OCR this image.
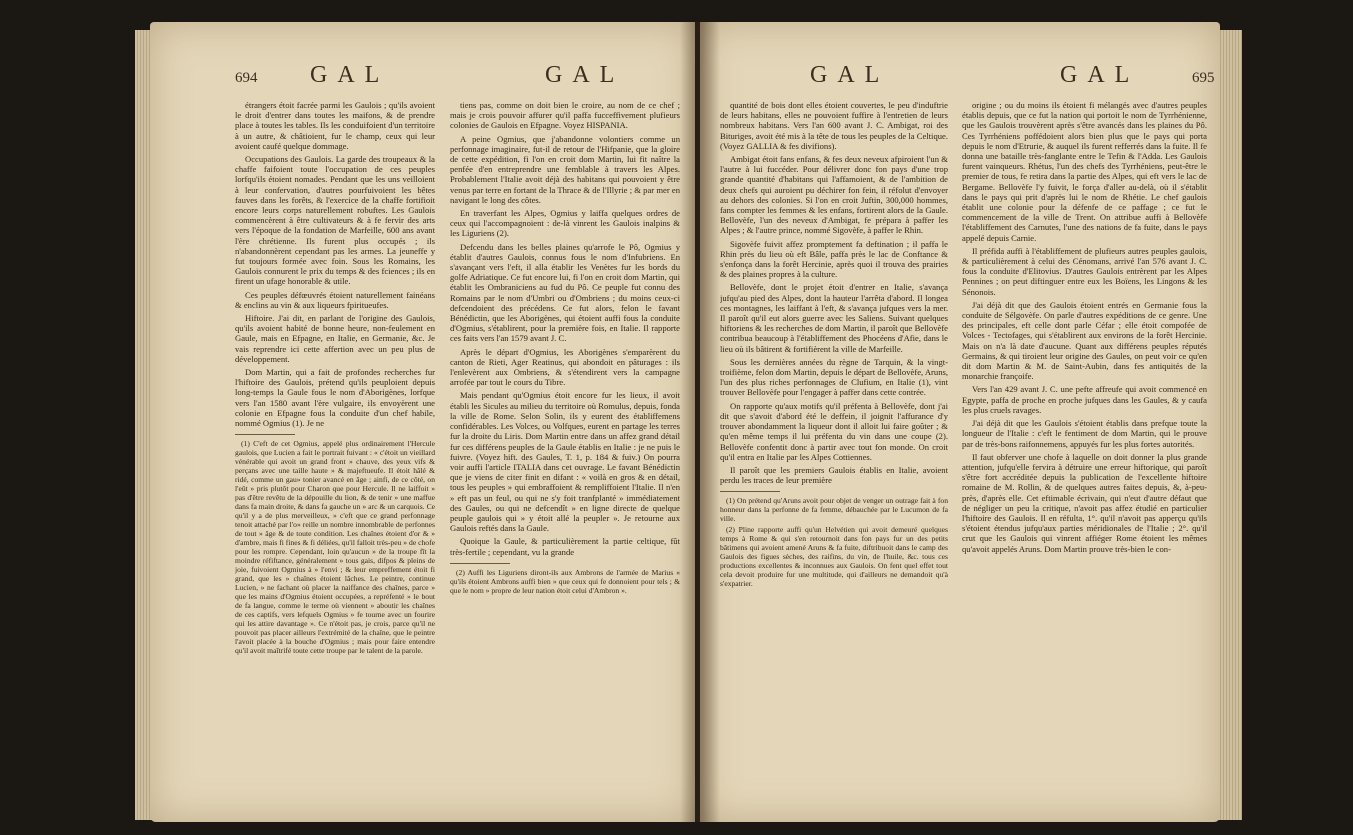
694 GAL	GAL

étrangers étoit facrée parmi les Gaulois ; qu'ils avoient le droit d'entrer dans toutes les maifons, & de prendre place à toutes les tables. Ils les conduifoient d'un territoire à un autre, & châtioient, fur le champ, ceux qui leur avoient caufé quelque dommage.

Occupations des Gaulois. La garde des troupeaux & la chaffe faifoient toute l'occupation de ces peuples lorfqu'ils étoient nomades. Pendant que les uns veilloient à leur confervation, d'autres pourfuivoient les bêtes fauves dans les forêts, & l'exercice de la chaffe fortifioit encore leurs corps naturellement robuftes. Les Gaulois commencèrent à être cultivateurs & à fe fervir des arts vers l'époque de la fondation de Marfeille, 600 ans avant l'ère chrétienne. Ils furent plus occupés ; ils n'abandonnèrent cependant pas les armes. La jeuneffe y fut toujours formée avec foin. Sous les Romains, les Gaulois connurent le prix du temps & des fciences ; ils en firent un ufage honorable & utile.

Ces peuples défœuvrés étoient naturellement fainéans & enclins au vin & aux liqueurs fpiritueufes.

Hiftoire. J'ai dit, en parlant de l'origine des Gaulois, qu'ils avoient habité de bonne heure, non-feulement en Gaule, mais en Efpagne, en Italie, en Germanie, &c. Je vais reprendre ici cette affertion avec un peu plus de développement.

Dom Martin, qui a fait de profondes recherches fur l'hiftoire des Gaulois, prétend qu'ils peuploient depuis long-temps la Gaule fous le nom d'Aborigènes, lorfque vers l'an 1580 avant l'ère vulgaire, ils envoyèrent une colonie en Efpagne fous la conduite d'un chef habile, nommé Ogmius (1). Je ne

(1) C'eft de cet Ogmius, appelé plus ordinairement l'Hercule gaulois, que Lucien a fait le portrait fuivant : « c'étoit un vieillard vénérable qui avoit un grand front » chauve, des yeux vifs & perçans avec une taille haute » & majeftueufe. Il étoit hâlé & ridé, comme un gau» tonier avancé en âge ; ainfi, de ce côté, on l'eût » pris plutôt pour Charon que pour Hercule. Il ne laiffoit » pas d'être revêtu de la dépouille du lion, & de tenir » une maffue dans fa main droite, & dans fa gauche un » arc & un carquois. Ce qu'il y a de plus merveilleux, » c'eft que ce grand perfonnage tenoit attaché par l'o» reille un nombre innombrable de perfonnes de tout » âge & de toute condition. Les chaînes étoient d'or & » d'ambre, mais fi fines & fi déliées, qu'il falloit très-peu » de chofe pour les rompre. Cependant, loin qu'aucun » de la troupe fît la moindre réfiftance, généralement » tous gais, difpos & pleins de joie, fuivoient Ogmius à » l'envi ; & leur empreffement étoit fi grand, que les » chaînes étoient lâches. Le peintre, continue Lucien, » ne fachant où placer la naiffance des chaînes, parce » que les mains d'Ogmius étoient occupées, a repréfenté » le bout de fa langue, comme le terme où viennent » aboutir les chaînes de ces captifs, vers lefquels Ogmius » fe tourne avec un fourire qui les attire davantage ». Ce n'étoit pas, je crois, parce qu'il ne pouvoit pas placer ailleurs l'extrémité de la chaîne, que le peintre l'avoit placée à la bouche d'Ogmius ; mais pour faire entendre qu'il avoit maîtrifé toute cette troupe par le talent de la parole.

tiens pas, comme on doit bien le croire, au nom de ce chef ; mais je crois pouvoir affurer qu'il paffa fucceffivement plufieurs colonies de Gaulois en Efpagne. Voyez HISPANIA.

A peine Ogmius, que j'abandonne volontiers comme un perfonnage imaginaire, fut-il de retour de l'Hifpanie, que la gloire de cette expédition, fi l'on en croit dom Martin, lui fit naître la penfée d'en entreprendre une femblable à travers les Alpes. Probablement l'Italie avoit déjà des habitans qui pouvoient y être venus par terre en fortant de la Thrace & de l'Illyrie ; & par mer en navigant le long des côtes.

En traverfant les Alpes, Ogmius y laiffa quelques ordres de ceux qui l'accompagnoient : de-là vinrent les Gaulois inalpins & les Liguriens (2).

Defcendu dans les belles plaines qu'arrofe le Pô, Ogmius y établit d'autres Gaulois, connus fous le nom d'Infubriens. En s'avançant vers l'eft, il alla établir les Venètes fur les bords du golfe Adriatique. Ce fut encore lui, fi l'on en croit dom Martin, qui établit les Ombraniciens au fud du Pô. Ce peuple fut connu des Romains par le nom d'Umbri ou d'Ombriens ; du moins ceux-ci defcendoient des précédens. Ce fut alors, felon le favant Bénédictin, que les Aborigènes, qui étoient auffi fous la conduite d'Ogmius, s'établirent, pour la première fois, en Italie. Il rapporte ces faits vers l'an 1579 avant J. C.

Après le départ d'Ogmius, les Aborigènes s'emparèrent du canton de Rieti, Ager Reatinus, qui abondoit en pâturages : ils l'enlevèrent aux Ombriens, & s'étendirent vers la campagne arrofée par tout le cours du Tibre.

Mais pendant qu'Ogmius étoit encore fur les lieux, il avoit établi les Sicules au milieu du territoire où Romulus, depuis, fonda la ville de Rome. Selon Solin, ils y eurent des établiffemens confidérables. Les Volces, ou Volfques, eurent en partage les terres fur la droite du Liris. Dom Martin entre dans un affez grand détail fur ces différens peuples de la Gaule établis en Italie : je ne puis le fuivre. (Voyez hift. des Gaules, T. 1, p. 184 & fuiv.) On pourra voir auffi l'article ITALIA dans cet ouvrage. Le favant Bénédictin que je viens de citer finit en difant : « voilà en gros & en détail, tous les peuples » qui embraffoient & rempliffoient l'Italie. Il n'en » eft pas un feul, ou qui ne s'y foit tranfplanté » immédiatement des Gaules, ou qui ne defcendît » en ligne directe de quelque peuple gaulois qui » y étoit allé la peupler ». Je retourne aux Gaulois reftés dans la Gaule.

Quoique la Gaule, & particulièrement la partie celtique, fût très-fertile ; cependant, vu la grande

(2) Auffi les Liguriens diront-ils aux Ambrons de l'armée de Marius « qu'ils étoient Ambrons auffi bien » que ceux qui fe donnoient pour tels ; & que le nom » propre de leur nation étoit celui d'Ambron ».

GAL	GAL	695

quantité de bois dont elles étoient couvertes, le peu d'induftrie de leurs habitans, elles ne pouvoient fuffire à l'entretien de leurs nombreux habitans. Vers l'an 600 avant J. C. Ambigat, roi des Bituriges, avoit été mis à la tête de tous les peuples de la Celtique. (Voyez GALLIA & fes divifions).

Ambigat étoit fans enfans, & fes deux neveux afpiroient l'un & l'autre à lui fuccéder. Pour délivrer donc fon pays d'une trop grande quantité d'habitans qui l'affamoient, & de l'ambition de deux chefs qui auroient pu déchirer fon fein, il réfolut d'envoyer au dehors des colonies. Si l'on en croit Juftin, 300,000 hommes, fans compter les femmes & les enfans, fortirent alors de la Gaule. Bellovèfe, l'un des neveux d'Ambigat, fe prépara à paffer les Alpes ; & l'autre prince, nommé Sigovèfe, à paffer le Rhin.

Sigovèfe fuivit affez promptement fa deftination ; il paffa le Rhin près du lieu où eft Bâle, paffa près le lac de Conftance & s'enfonça dans la forêt Hercinie, après quoi il trouva des prairies & des plaines propres à la culture.

Bellovèfe, dont le projet étoit d'entrer en Italie, s'avança jufqu'au pied des Alpes, dont la hauteur l'arrêta d'abord. Il longea ces montagnes, les laiffant à l'eft, & s'avança jufques vers la mer. Il paroît qu'il eut alors guerre avec les Saliens. Suivant quelques hiftoriens & les recherches de dom Martin, il paroît que Bellovèfe contribua beaucoup à l'établiffement des Phocéens d'Afie, dans le lieu où ils bâtirent & fortifièrent la ville de Marfeille.

Sous les dernières années du règne de Tarquin, & la vingt-troifième, felon dom Martin, depuis le départ de Bellovèfe, Aruns, l'un des plus riches perfonnages de Clufium, en Italie (1), vint trouver Bellovèfe pour l'engager à paffer dans cette contrée.

On rapporte qu'aux motifs qu'il préfenta à Bellovèfe, dont j'ai dit que s'avoit d'abord été le deffein, il joignit l'affurance d'y trouver abondamment la liqueur dont il alloit lui faire goûter ; & qu'en même temps il lui préfenta du vin dans une coupe (2). Bellovèfe confentit donc à partir avec tout fon monde. On croit qu'il entra en Italie par les Alpes Cottiennes.

Il paroît que les premiers Gaulois établis en Italie, avoient perdu les traces de leur première

(1) On prétend qu'Aruns avoit pour objet de venger un outrage fait à fon honneur dans la perfonne de fa femme, débauchée par le Lucumon de fa ville.

(2) Pline rapporte auffi qu'un Helvétien qui avoit demeuré quelques temps à Rome & qui s'en retournoit dans fon pays fur un des petits bâtimens qui avoient amené Aruns & fa fuite, diftribuoit dans le camp des Gaulois des figues sèches, des raifins, du vin, de l'huile, &c. tous ces productions excellentes & inconnues aux Gaulois. On fent quel effet tout cela devoit produire fur une multitude, qui d'ailleurs ne demandoit qu'à s'expatrier.

origine ; ou du moins ils étoient fi mélangés avec d'autres peuples établis depuis, que ce fut la nation qui portoit le nom de Tyrrhénienne, que les Gaulois trouvèrent après s'être avancés dans les plaines du Pô. Ces Tyrrhéniens poffédoient alors bien plus que le pays qui porta depuis le nom d'Etrurie, & auquel ils furent refferrés dans la fuite. Il fe donna une bataille très-fanglante entre le Tefin & l'Adda. Les Gaulois furent vainqueurs. Rhétus, l'un des chefs des Tyrrhéniens, peut-être le premier de tous, fe retira dans la partie des Alpes, qui eft vers le lac de Bergame. Bellovèfe l'y fuivit, le força d'aller au-delà, où il s'établit dans le pays qui prit d'après lui le nom de Rhétie. Le chef gaulois établit une colonie pour la défenfe de ce paffage ; ce fut le commencement de la ville de Trent. On attribue auffi à Bellovèfe l'établiffement des Carnutes, l'une des nations de fa fuite, dans le pays appelé depuis Carnie.

Il préfida auffi à l'établiffement de plufieurs autres peuples gaulois, & particulièrement à celui des Cénomans, arrivé l'an 576 avant J. C. fous la conduite d'Elitovius. D'autres Gaulois entrèrent par les Alpes Pennines ; on peut diftinguer entre eux les Boïens, les Lingons & les Sénonois.

J'ai déjà dit que des Gaulois étoient entrés en Germanie fous la conduite de Sélgovèfe. On parle d'autres expéditions de ce genre. Une des principales, eft celle dont parle Céfar ; elle étoit compofée de Volces - Tectofages, qui s'établirent aux environs de la forêt Hercinie. Mais on n'a là date d'aucune. Quant aux différens peuples réputés Germains, & qui tiroient leur origine des Gaules, on peut voir ce qu'en dit dom Martin & M. de Saint-Aubin, dans fes antiquités de la monarchie françoife.

Vers l'an 429 avant J. C. une pefte affreufe qui avoit commencé en Egypte, paffa de proche en proche jufques dans les Gaules, & y caufa les plus cruels ravages.

J'ai déjà dit que les Gaulois s'étoient établis dans prefque toute la longueur de l'Italie : c'eft le fentiment de dom Martin, qui le prouve par de très-bons raifonnemens, appuyés fur les plus fortes autorités.

Il faut obferver une chofe à laquelle on doit donner la plus grande attention, jufqu'elle fervira à détruire une erreur hiftorique, qui paroît s'être fort accréditée depuis la publication de l'excellente hiftoire romaine de M. Rollin, & de quelques autres faites depuis, &, à-peu-près, d'après elle. Cet eftimable écrivain, qui n'eut d'autre défaut que de négliger un peu la critique, n'avoit pas affez étudié en particulier l'hiftoire des Gaulois. Il en réfulta, 1°. qu'il n'avoit pas apperçu qu'ils s'étoient étendus jufqu'aux parties méridionales de l'Italie ; 2°. qu'il crut que les Gaulois qui vinrent affiéger Rome étoient les mêmes qu'avoit appelés Aruns. Dom Martin prouve très-bien le con-
